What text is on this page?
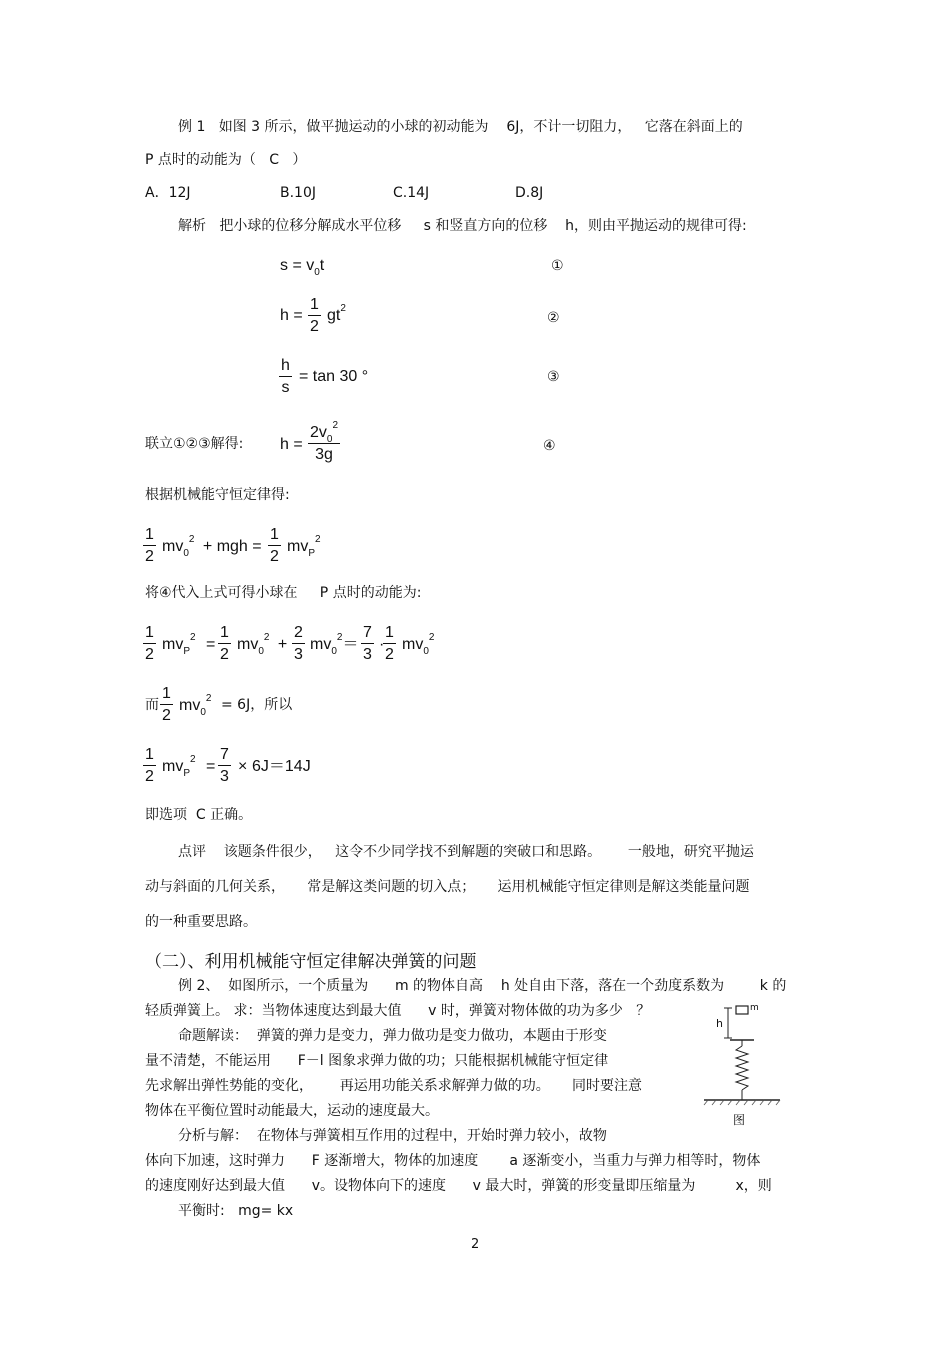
例 1   如图 3 所示，做平抛运动的小球的初动能为    6J，不计一切阻力，   它落在斜面上的
P 点时的动能为（   C   ）
A．12J	B.10J	C.14J	D.8J
解析   把小球的位移分解成水平位移     s 和竖直方向的位移    h，则由平抛运动的规律可得:
$s = v_0t$	①
$h = \frac{1}{2} gt^2$
②
$\frac{h}{s} = \tan 30$ °	③
联立①②③解得: $h = \frac{2v_0^2}{3g}$	④
根据机械能守恒定律得:
$\frac{1}{2} mv_0^2$ + mgh = $\frac{1}{2} mv_P^2$
将④代入上式可得小球在     P 点时的动能为:
$\frac{1}{2} mv_P^2 = \frac{1}{2} mv_0^2 + \frac{2}{3} mv_0^2= \frac{7}{3}$ ·
$\frac{1}{2} mv_0^2$
而 $\frac{1}{2} mv_0^2 = 6J$，所以
$\frac{1}{2} mv_P^2 = \frac{7}{3} \times 6J=14J$
即选项  C 正确。
点评    该题条件很少，   这令不少同学找不到解题的突破口和思路。      一般地，研究平抛运
动与斜面的几何关系，     常是解这类问题的切入点；     运用机械能守恒定律则是解这类能量问题
的一种重要思路。
（二）、利用机械能守恒定律解决弹簧的问题
例 2、  如图所示，一个质量为      m 的物体自高    h 处自由下落，落在一个劲度系数为        k 的
轻质弹簧上。 求：当物体速度达到最大值      v 时，弹簧对物体做的功为多少   ？
命题解读：  弹簧的弹力是变力，弹力做功是变力做功，本题由于形变
量不清楚，不能运用      F－l 图象求弹力做的功；只能根据机械能守恒定律
先求解出弹性势能的变化，      再运用功能关系求解弹力做的功。     同时要注意
物体在平衡位置时动能最大，运动的速度最大。
分析与解：  在物体与弹簧相互作用的过程中，开始时弹力较小，故物
体向下加速，这时弹力      F 逐渐增大，物体的加速度       a 逐渐变小，当重力与弹力相等时，物体
的速度刚好达到最大值      v。设物体向下的速度      v 最大时，弹簧的形变量即压缩量为         x，则
平衡时:   mg= kx
h
m
图
2
